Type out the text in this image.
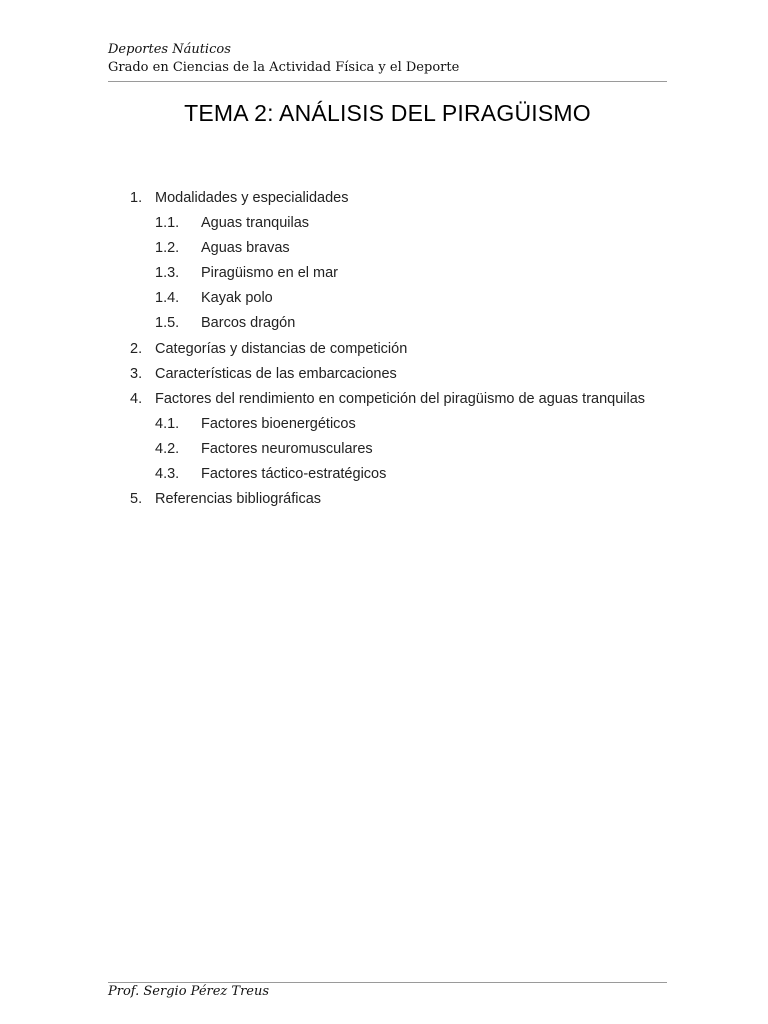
Deportes Náuticos
Grado en Ciencias de la Actividad Física y el Deporte
TEMA 2: ANÁLISIS DEL PIRAGÜISMO
1. Modalidades y especialidades
1.1.	Aguas tranquilas
1.2.	Aguas bravas
1.3.	Piragüismo en el mar
1.4.	Kayak polo
1.5.	Barcos dragón
2. Categorías y distancias de competición
3. Características de las embarcaciones
4. Factores del rendimiento en competición del piragüismo de aguas tranquilas
4.1.	Factores bioenergéticos
4.2.	Factores neuromusculares
4.3.	Factores táctico-estratégicos
5. Referencias bibliográficas
Prof. Sergio Pérez Treus
